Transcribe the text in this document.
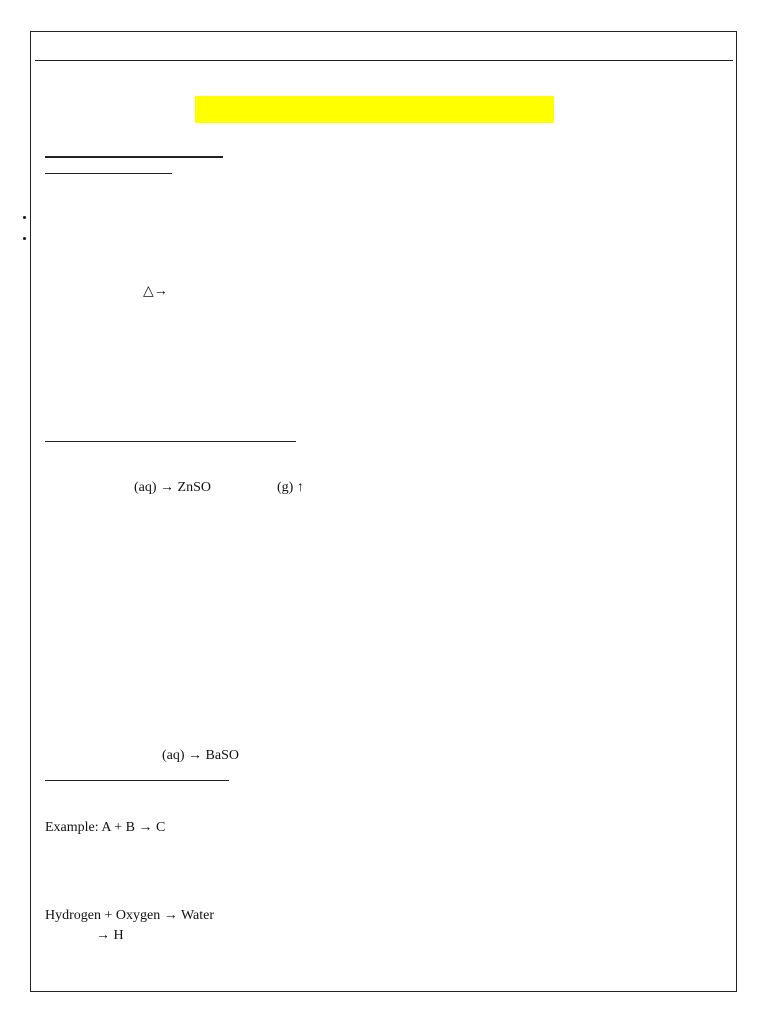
△→
(aq) → ZnSO	(g) ↑
(aq) → BaSO
Example: A + B → C
Hydrogen + Oxygen → Water
→ H
